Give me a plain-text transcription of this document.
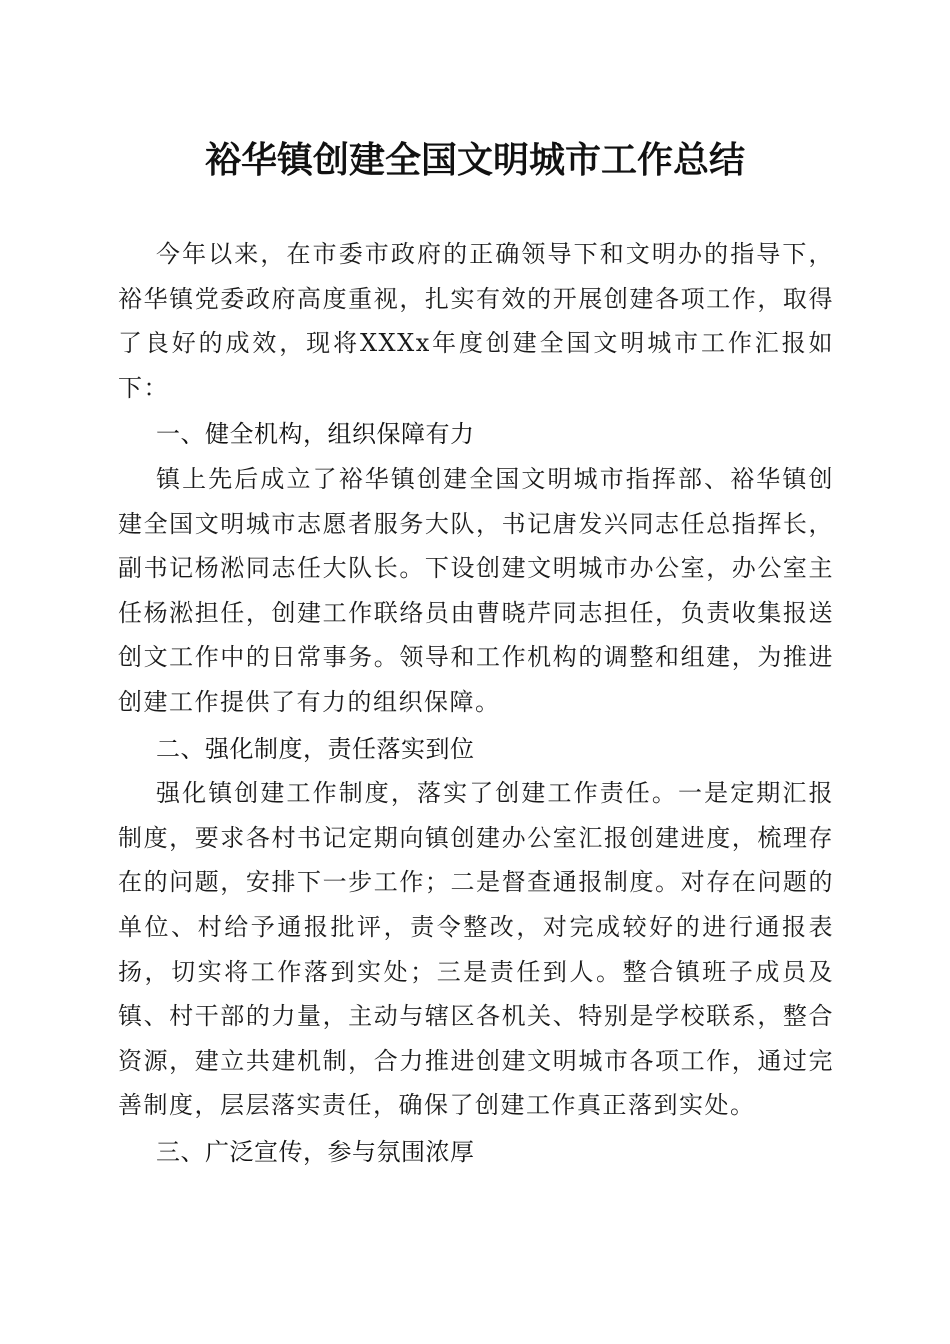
裕华镇创建全国文明城市工作总结

今年以来，在市委市政府的正确领导下和文明办的指导下，裕华镇党委政府高度重视，扎实有效的开展创建各项工作，取得了良好的成效，现将XXXx年度创建全国文明城市工作汇报如下：

一、健全机构，组织保障有力

镇上先后成立了裕华镇创建全国文明城市指挥部、裕华镇创建全国文明城市志愿者服务大队，书记唐发兴同志任总指挥长，副书记杨淞同志任大队长。下设创建文明城市办公室，办公室主任杨淞担任，创建工作联络员由曹晓芹同志担任，负责收集报送创文工作中的日常事务。领导和工作机构的调整和组建，为推进创建工作提供了有力的组织保障。

二、强化制度，责任落实到位

强化镇创建工作制度，落实了创建工作责任。一是定期汇报制度，要求各村书记定期向镇创建办公室汇报创建进度，梳理存在的问题，安排下一步工作；二是督查通报制度。对存在问题的单位、村给予通报批评，责令整改，对完成较好的进行通报表扬，切实将工作落到实处；三是责任到人。整合镇班子成员及镇、村干部的力量，主动与辖区各机关、特别是学校联系，整合资源，建立共建机制，合力推进创建文明城市各项工作，通过完善制度，层层落实责任，确保了创建工作真正落到实处。

三、广泛宣传，参与氛围浓厚
